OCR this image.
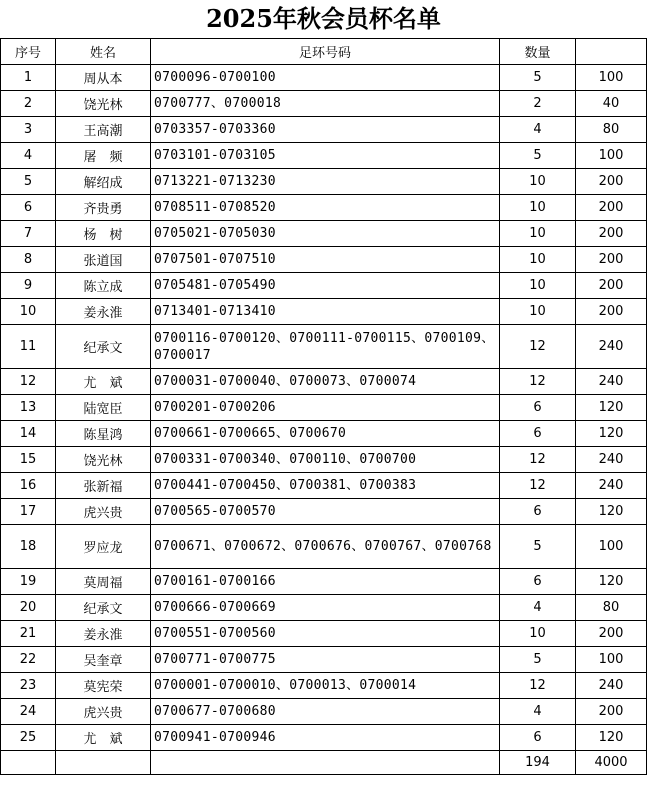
2025年秋会员杯名单
序号	姓名	足环号码	数量	
1	周从本	0700096-0700100	5	100
2	饶光林	0700777、0700018	2	40
3	王高潮	0703357-0703360	4	80
4	屠　频	0703101-0703105	5	100
5	解绍成	0713221-0713230	10	200
6	齐贵勇	0708511-0708520	10	200
7	杨　树	0705021-0705030	10	200
8	张道国	0707501-0707510	10	200
9	陈立成	0705481-0705490	10	200
10	姜永淮	0713401-0713410	10	200
11	纪承文	0700116-0700120、0700111-0700115、0700109、0700017	12	240
12	尤　斌	0700031-0700040、0700073、0700074	12	240
13	陆宽臣	0700201-0700206	6	120
14	陈星鸿	0700661-0700665、0700670	6	120
15	饶光林	0700331-0700340、0700110、0700700	12	240
16	张新福	0700441-0700450、0700381、0700383	12	240
17	虎兴贵	0700565-0700570	6	120
18	罗应龙	0700671、0700672、0700676、0700767、0700768	5	100
19	莫周福	0700161-0700166	6	120
20	纪承文	0700666-0700669	4	80
21	姜永淮	0700551-0700560	10	200
22	吴奎章	0700771-0700775	5	100
23	莫宪荣	0700001-0700010、0700013、0700014	12	240
24	虎兴贵	0700677-0700680	4	200
25	尤　斌	0700941-0700946	6	120
			194	4000
